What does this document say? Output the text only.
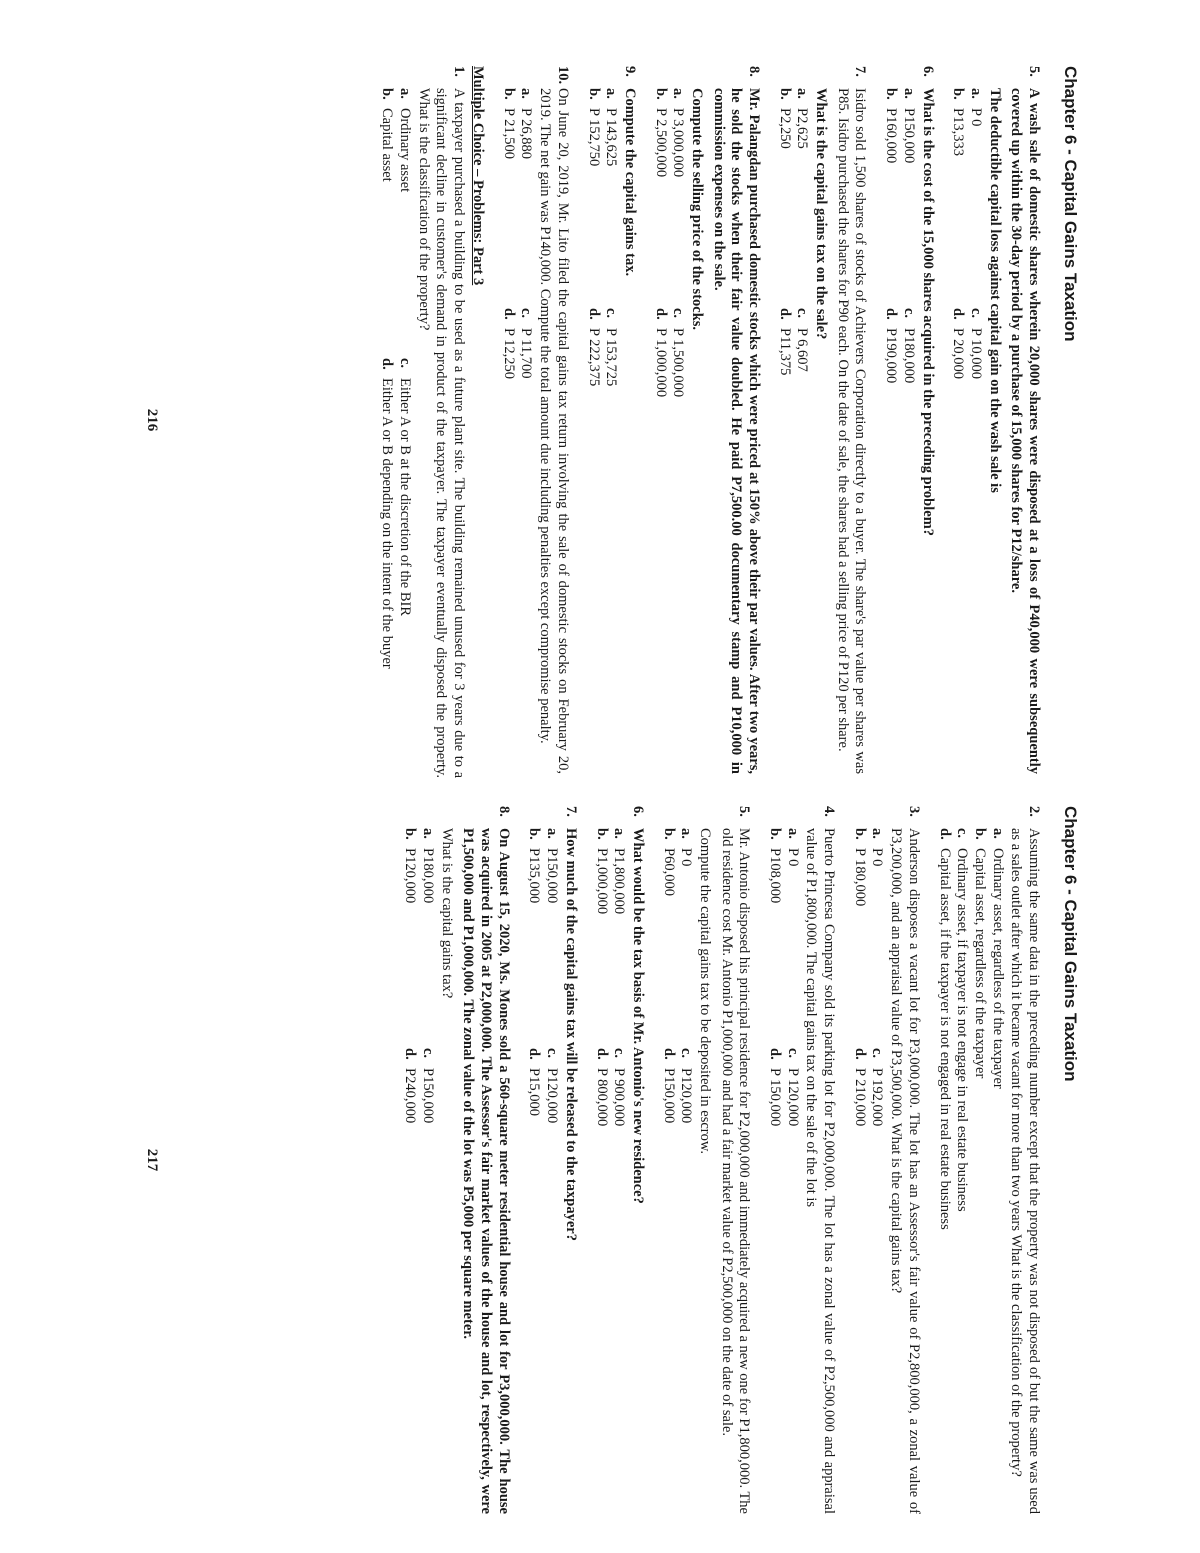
Chapter 6 - Capital Gains Taxation
5.
A wash sale of domestic shares wherein 20,000 shares were disposed at a loss of P40,000 were subsequently covered up within the 30-day period by a purchase of 15,000 shares for P12/share.
The deductible capital loss against capital gain on the wash sale is
a.
P 0
c.
P 10,000
b.
P13,333
d.
P 20,000
6.
What is the cost of the 15,000 shares acquired in the preceding problem?
a.
P150,000
c.
P180,000
b.
P160,000
d.
P190,000
7.
Isidro sold 1,500 shares of stocks of Achievers Corporation directly to a buyer. The share's par value per shares was P85. Isidro purchased the shares for P90 each. On the date of sale, the shares had a selling price of P120 per share.
What is the capital gains tax on the sale?
a.
P2,625
c.
P 6,607
b.
P2,250
d.
P11,375
8.
Mr. Palangdan purchased domestic stocks which were priced at 150% above their par values. After two years, he sold the stocks when their fair value doubled. He paid P7,500.00 documentary stamp and P10,000 in commission expenses on the sale.
Compute the selling price of the stocks.
a.
P 3,000,000
c.
P 1,500,000
b.
P 2,500,000
d.
P 1,000,000
9.
Compute the capital gains tax.
a.
P 143,625
c.
P 153,725
b.
P 152,750
d.
P 222,375
10.
On June 20, 2019, Mr. Lito filed the capital gains tax return involving the sale of domestic stocks on February 20, 2019. The net gain was P140,000. Compute the total amount due including penalties except compromise penalty.
a.
P 26,880
c.
P 11,700
b.
P 21,500
d.
P 12,250
Multiple Choice – Problems: Part 3
1.
A taxpayer purchased a building to be used as a future plant site. The building remained unused for 3 years due to a significant decline in customer's demand in product of the taxpayer. The taxpayer eventually disposed the property. What is the classification of the property?
a.
Ordinary asset
c.
Either A or B at the discretion of the BIR
b.
Capital asset
d.
Either A or B depending on the intent of the buyer
216
Chapter 6 - Capital Gains Taxation
2.
Assuming the same data in the preceding number except that the property was not disposed of but the same was used as a sales outlet after which it became vacant for more than two years What is the classification of the property?
a.
Ordinary asset, regardless of the taxpayer
b.
Capital asset, regardless of the taxpayer
c.
Ordinary asset, if taxpayer is not engage in real estate business
d.
Capital asset, if the taxpayer is not engaged in real estate business
3.
Anderson disposes a vacant lot for P3,000,000. The lot has an Assessor's fair value of P2,800,000, a zonal value of P3,200,000, and an appraisal value of P3,500,000. What is the capital gains tax?
a.
P 0
c.
P 192,000
b.
P 180,000
d.
P 210,000
4.
Puerto Princesa Company sold its parking lot for P2,000,000. The lot has a zonal value of P2,500,000 and appraisal value of P1,800,000. The capital gains tax on the sale of the lot is
a.
P 0
c.
P 120,000
b.
P108,000
d.
P 150,000
5.
Mr. Antonio disposed his principal residence for P2,000,000 and immediately acquired a new one for P1,800,000. The old residence cost Mr. Antonio P1,000,000 and had a fair market value of P2,500,000 on the date of sale.
Compute the capital gains tax to be deposited in escrow.
a.
P 0
c.
P120,000
b.
P60,000
d.
P150,000
6.
What would be the tax basis of Mr. Antonio's new residence?
a.
P1,800,000
c.
P 900,000
b.
P1,000,000
d.
P 800,000
7.
How much of the capital gains tax will be released to the taxpayer?
a.
P150,000
c.
P120,000
b.
P135,000
d.
P15,000
8.
On August 15, 2020, Ms. Mones sold a 560-square meter residential house and lot for P3,000,000. The house was acquired in 2005 at P2,000,000. The Assessor's fair market values of the house and lot, respectively, were P1,500,000 and P1,000,000. The zonal value of the lot was P5,000 per square meter.
What is the capital gains tax?
a.
P180,000
c.
P150,000
b.
P120,000
d.
P240,000
217
